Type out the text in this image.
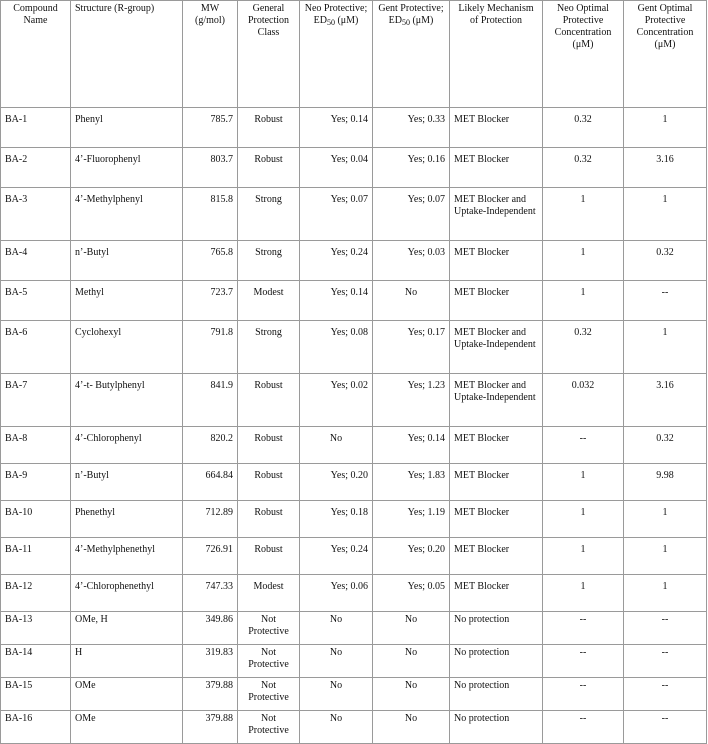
Compound Name	Structure (R-group)	MW (g/mol)	General Protection Class	Neo Protective; $ED_{50}$ (μM)	Gent Protective; $ED_{50}$ (μM)	Likely Mechanism of Protection	Neo Optimal Protective Concentration (μM)	Gent Optimal Protective Concentration (μM)
BA-1	Phenyl	785.7	Robust	Yes; 0.14	Yes; 0.33	MET Blocker	0.32	1
BA-2	4’-Fluorophenyl	803.7	Robust	Yes; 0.04	Yes; 0.16	MET Blocker	0.32	3.16
BA-3	4’-Methylphenyl	815.8	Strong	Yes; 0.07	Yes; 0.07	MET Blocker and Uptake-Independent	1	1
BA-4	n’-Butyl	765.8	Strong	Yes; 0.24	Yes; 0.03	MET Blocker	1	0.32
BA-5	Methyl	723.7	Modest	Yes; 0.14	No	MET Blocker	1	--
BA-6	Cyclohexyl	791.8	Strong	Yes; 0.08	Yes; 0.17	MET Blocker and Uptake-Independent	0.32	1
BA-7	4’-t- Butylphenyl	841.9	Robust	Yes; 0.02	Yes; 1.23	MET Blocker and Uptake-Independent	0.032	3.16
BA-8	4’-Chlorophenyl	820.2	Robust	No	Yes; 0.14	MET Blocker	--	0.32
BA-9	n’-Butyl	664.84	Robust	Yes; 0.20	Yes; 1.83	MET Blocker	1	9.98
BA-10	Phenethyl	712.89	Robust	Yes; 0.18	Yes; 1.19	MET Blocker	1	1
BA-11	4’-Methylphenethyl	726.91	Robust	Yes; 0.24	Yes; 0.20	MET Blocker	1	1
BA-12	4’-Chlorophenethyl	747.33	Modest	Yes; 0.06	Yes; 0.05	MET Blocker	1	1
BA-13	OMe, H	349.86	Not Protective	No	No	No protection	--	--
BA-14	H	319.83	Not Protective	No	No	No protection	--	--
BA-15	OMe	379.88	Not Protective	No	No	No protection	--	--
BA-16	OMe	379.88	Not Protective	No	No	No protection	--	--
